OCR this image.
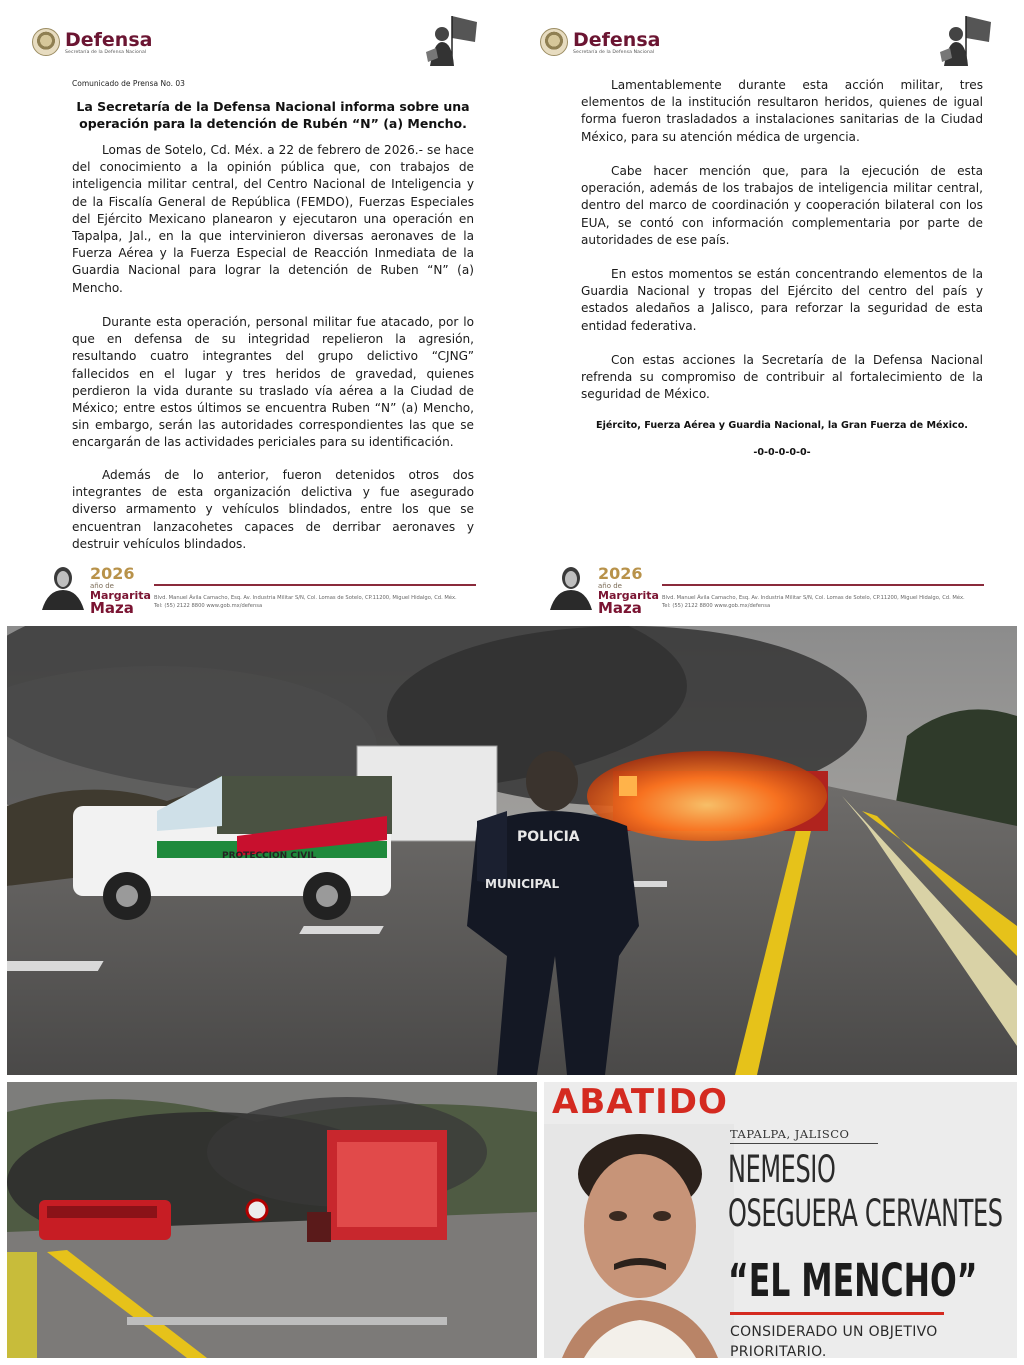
Defensa
Secretaría de la Defensa Nacional
Comunicado de Prensa No. 03
La Secretaría de la Defensa Nacional informa sobre una
operación para la detención de Rubén “N” (a) Mencho.

Lomas de Sotelo, Cd. Méx. a 22 de febrero de 2026.- se hace del conocimiento a la opinión pública que, con trabajos de inteligencia militar central, del Centro Nacional de Inteligencia y de la Fiscalía General de República (FEMDO), Fuerzas Especiales del Ejército Mexicano planearon y ejecutaron una operación en Tapalpa, Jal., en la que intervinieron diversas aeronaves de la Fuerza Aérea y la Fuerza Especial de Reacción Inmediata de la Guardia Nacional para lograr la detención de Ruben “N” (a) Mencho.

Durante esta operación, personal militar fue atacado, por lo que en defensa de su integridad repelieron la agresión, resultando cuatro integrantes del grupo delictivo “CJNG” fallecidos en el lugar y tres heridos de gravedad, quienes perdieron la vida durante su traslado vía aérea a la Ciudad de México; entre estos últimos se encuentra Ruben “N” (a) Mencho, sin embargo, serán las autoridades correspondientes las que se encargarán de las actividades periciales para su identificación.

Además de lo anterior, fueron detenidos otros dos integrantes de esta organización delictiva y fue asegurado diverso armamento y vehículos blindados, entre los que se encuentran lanzacohetes capaces de derribar aeronaves y destruir vehículos blindados.

2026
año de
Margarita
Maza
Blvd. Manuel Ávila Camacho, Esq. Av. Industria Militar S/N, Col. Lomas de Sotelo, CP.11200, Miguel Hidalgo, Cd. Méx.
Tel: (55) 2122 8800 www.gob.mx/defensa
Defensa
Secretaría de la Defensa Nacional

Lamentablemente durante esta acción militar, tres elementos de la institución resultaron heridos, quienes de igual forma fueron trasladados a instalaciones sanitarias de la Ciudad México, para su atención médica de urgencia.

Cabe hacer mención que, para la ejecución de esta operación, además de los trabajos de inteligencia militar central, dentro del marco de coordinación y cooperación bilateral con los EUA, se contó con información complementaria por parte de autoridades de ese país.

En estos momentos se están concentrando elementos de la Guardia Nacional y tropas del Ejército del centro del país y estados aledaños a Jalisco, para reforzar la seguridad de esta entidad federativa.

Con estas acciones la Secretaría de la Defensa Nacional refrenda su compromiso de contribuir al fortalecimiento de la seguridad de México.

Ejército, Fuerza Aérea y Guardia Nacional, la Gran Fuerza de México.
-0-0-0-0-0-
2026
año de
Margarita
Maza
Blvd. Manuel Ávila Camacho, Esq. Av. Industria Militar S/N, Col. Lomas de Sotelo, CP.11200, Miguel Hidalgo, Cd. Méx.
Tel: (55) 2122 8800 www.gob.mx/defensa
PROTECCION CIVIL
POLICIA
MUNICIPAL
ABATIDO
TAPALPA, JALISCO
NEMESIO
OSEGUERA CERVANTES
“EL MENCHO”
CONSIDERADO UN OBJETIVO
PRIORITARIO.
